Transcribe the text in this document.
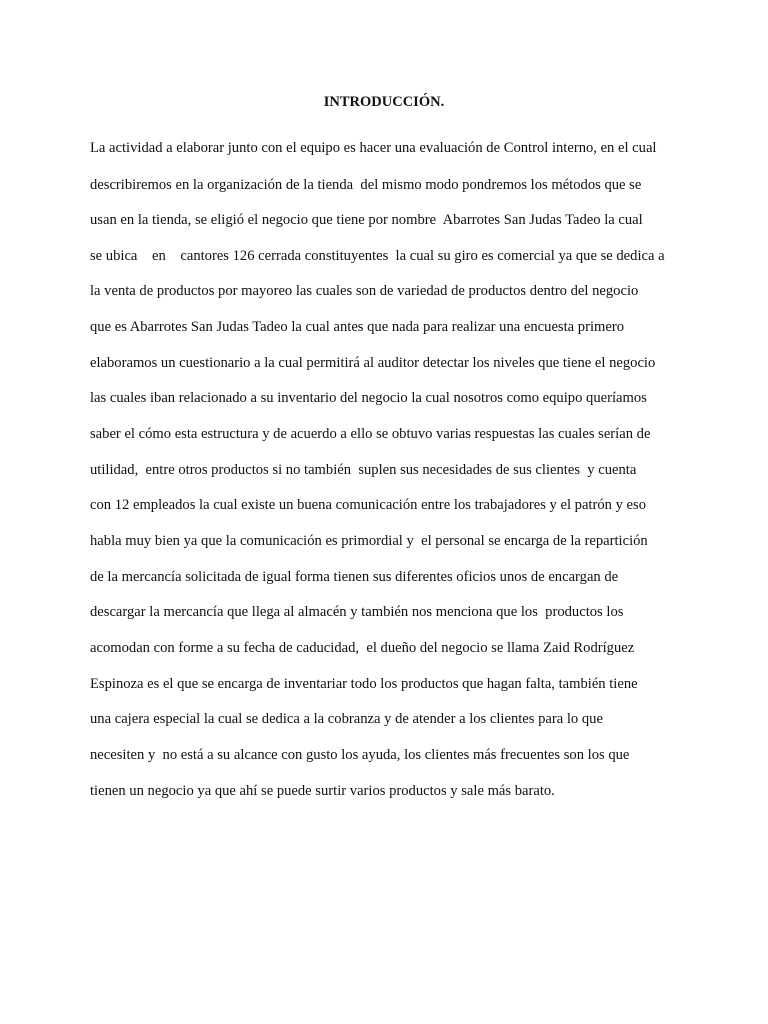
INTRODUCCIÓN.
La actividad a elaborar junto con el equipo es hacer una evaluación de Control interno, en el cual
describiremos en la organización de la tienda  del mismo modo pondremos los métodos que se
usan en la tienda, se eligió el negocio que tiene por nombre  Abarrotes San Judas Tadeo la cual
se ubica    en    cantores 126 cerrada constituyentes  la cual su giro es comercial ya que se dedica a
la venta de productos por mayoreo las cuales son de variedad de productos dentro del negocio
que es Abarrotes San Judas Tadeo la cual antes que nada para realizar una encuesta primero
elaboramos un cuestionario a la cual permitirá al auditor detectar los niveles que tiene el negocio
las cuales iban relacionado a su inventario del negocio la cual nosotros como equipo queríamos
saber el cómo esta estructura y de acuerdo a ello se obtuvo varias respuestas las cuales serían de
utilidad,  entre otros productos si no también  suplen sus necesidades de sus clientes  y cuenta
con 12 empleados la cual existe un buena comunicación entre los trabajadores y el patrón y eso
habla muy bien ya que la comunicación es primordial y  el personal se encarga de la repartición
de la mercancía solicitada de igual forma tienen sus diferentes oficios unos de encargan de
descargar la mercancía que llega al almacén y también nos menciona que los  productos los
acomodan con forme a su fecha de caducidad,  el dueño del negocio se llama Zaid Rodríguez
Espinoza es el que se encarga de inventariar todo los productos que hagan falta, también tiene
una cajera especial la cual se dedica a la cobranza y de atender a los clientes para lo que
necesiten y  no está a su alcance con gusto los ayuda, los clientes más frecuentes son los que
tienen un negocio ya que ahí se puede surtir varios productos y sale más barato.
